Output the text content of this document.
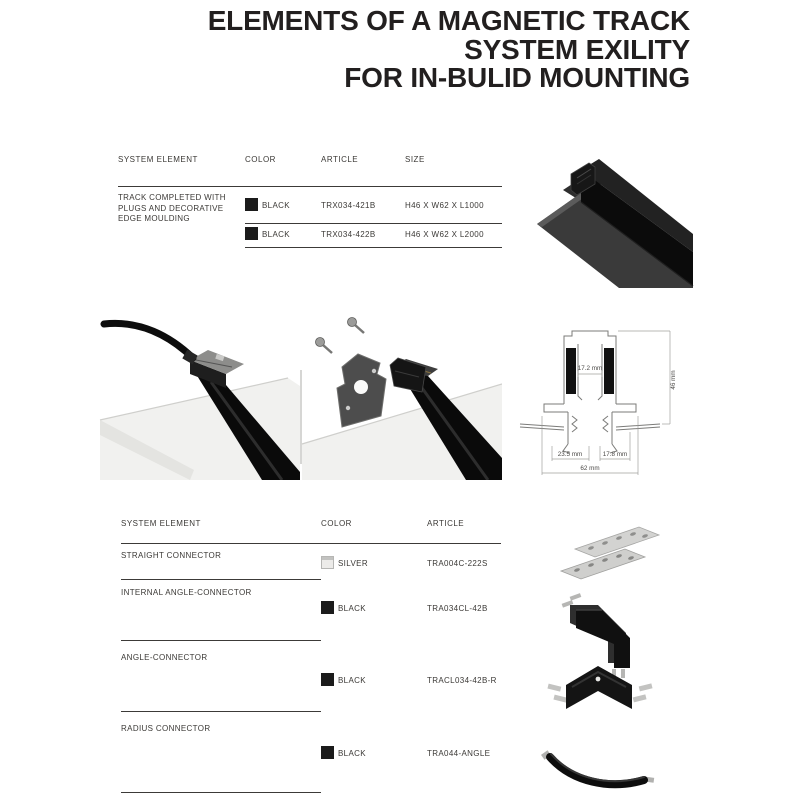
ELEMENTS OF A MAGNETIC TRACK
SYSTEM EXILITY
FOR IN-BULID MOUNTING
SYSTEM ELEMENT	COLOR	ARTICLE	SIZE
TRACK COMPLETED WITH PLUGS AND DECORATIVE EDGE MOULDING
BLACK	TRX034-421B	H46 X W62 X L1000
BLACK	TRX034-422B	H46 X W62 X L2000
17.2 mm
46 mm
23.5 mm	17.8 mm
62 mm
SYSTEM ELEMENT	COLOR	ARTICLE
STRAIGHT CONNECTOR
SILVER	TRA004C-222S
INTERNAL ANGLE-CONNECTOR
BLACK	TRA034CL-42B
ANGLE-CONNECTOR
BLACK	TRACL034-42B-R
RADIUS CONNECTOR
BLACK	TRA044-ANGLE
